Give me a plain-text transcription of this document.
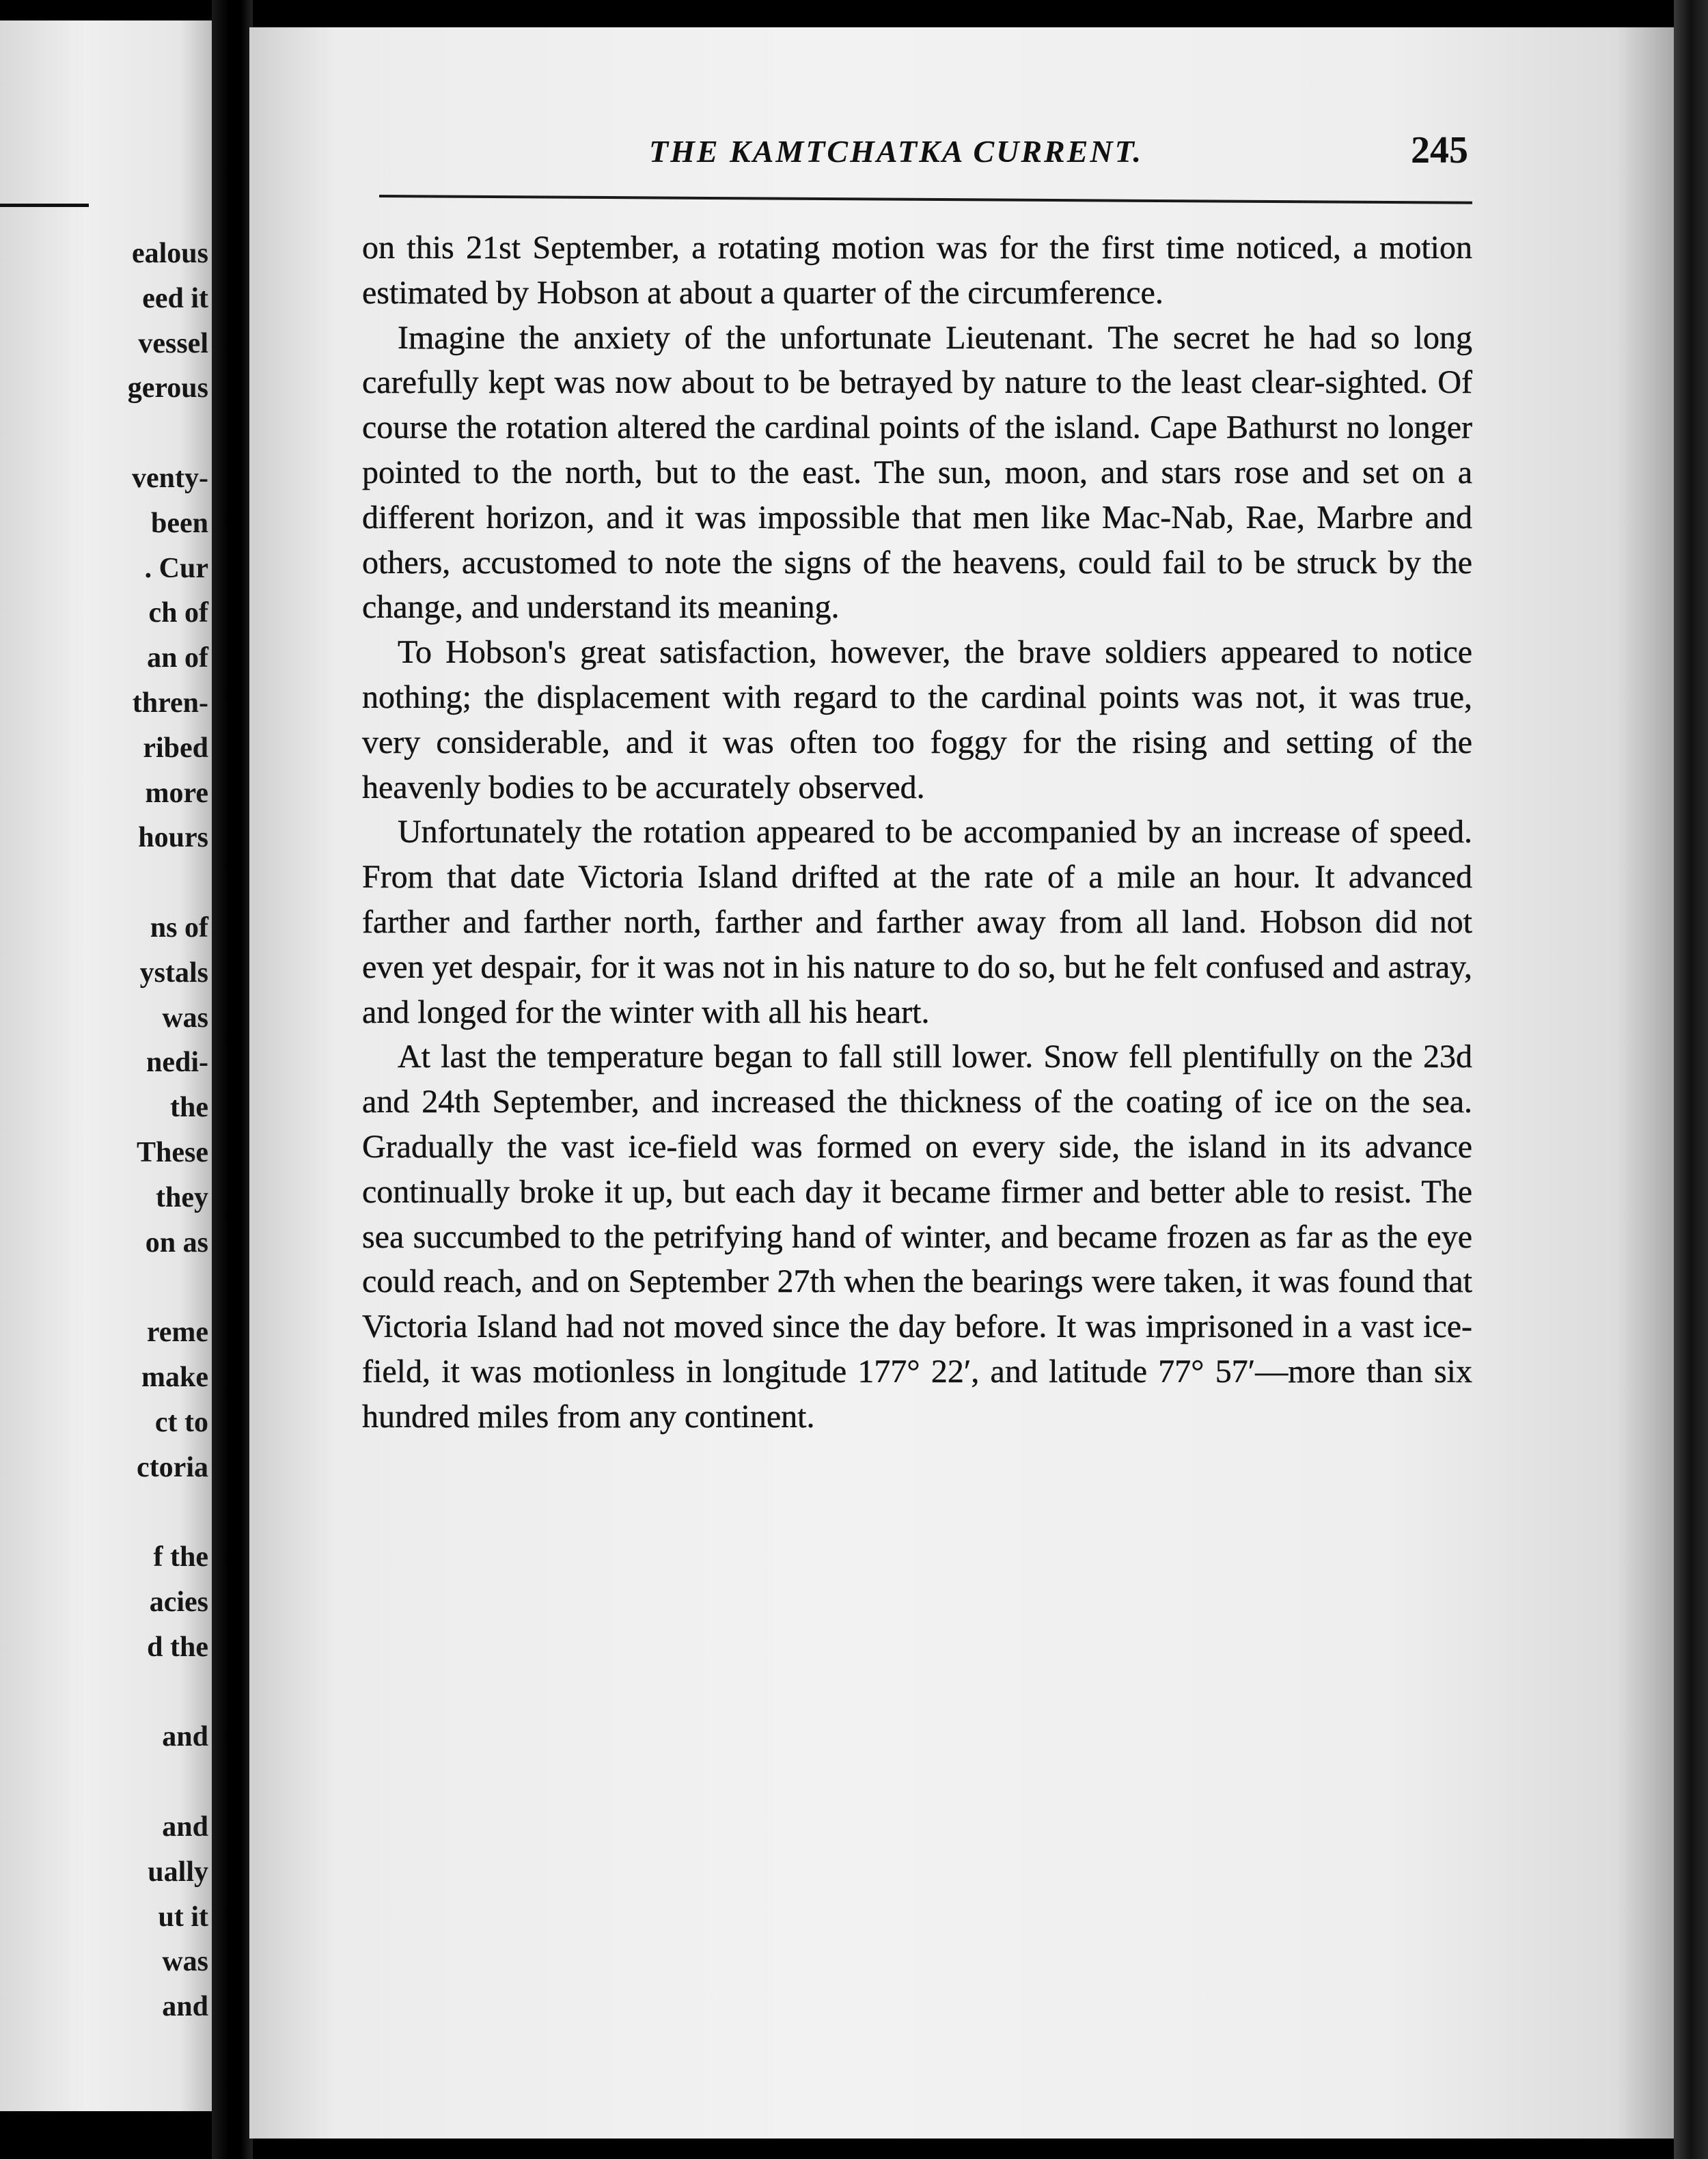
ealous
eed it
vessel
gerous
venty-
been
. Cur
ch of
an of
thren-
ribed
more
hours
ns of
ystals
was
nedi-
the
These
they
on as
reme
make
ct to
ctoria
f the
acies
d the
and
and
ually
ut it
was
and
THE KAMTCHATKA CURRENT.	245

on this 21st September, a rotating motion was for the first time noticed, a motion estimated by Hobson at about a quarter of the circumference.

Imagine the anxiety of the unfortunate Lieutenant. The secret he had so long carefully kept was now about to be betrayed by nature to the least clear-sighted. Of course the rotation altered the cardinal points of the island. Cape Bathurst no longer pointed to the north, but to the east. The sun, moon, and stars rose and set on a different horizon, and it was impossible that men like Mac-Nab, Rae, Marbre and others, accustomed to note the signs of the heavens, could fail to be struck by the change, and understand its meaning.

To Hobson's great satisfaction, however, the brave soldiers appeared to notice nothing; the displacement with regard to the cardinal points was not, it was true, very considerable, and it was often too foggy for the rising and setting of the heavenly bodies to be accurately observed.

Unfortunately the rotation appeared to be accompanied by an increase of speed. From that date Victoria Island drifted at the rate of a mile an hour. It advanced farther and farther north, farther and farther away from all land. Hobson did not even yet despair, for it was not in his nature to do so, but he felt confused and astray, and longed for the winter with all his heart.

At last the temperature began to fall still lower. Snow fell plentifully on the 23d and 24th September, and increased the thickness of the coating of ice on the sea. Gradually the vast ice-field was formed on every side, the island in its advance continually broke it up, but each day it became firmer and better able to resist. The sea succumbed to the petrifying hand of winter, and became frozen as far as the eye could reach, and on September 27th when the bearings were taken, it was found that Victoria Island had not moved since the day before. It was imprisoned in a vast ice-field, it was motionless in longitude 177° 22′, and latitude 77° 57′—more than six hundred miles from any continent.
